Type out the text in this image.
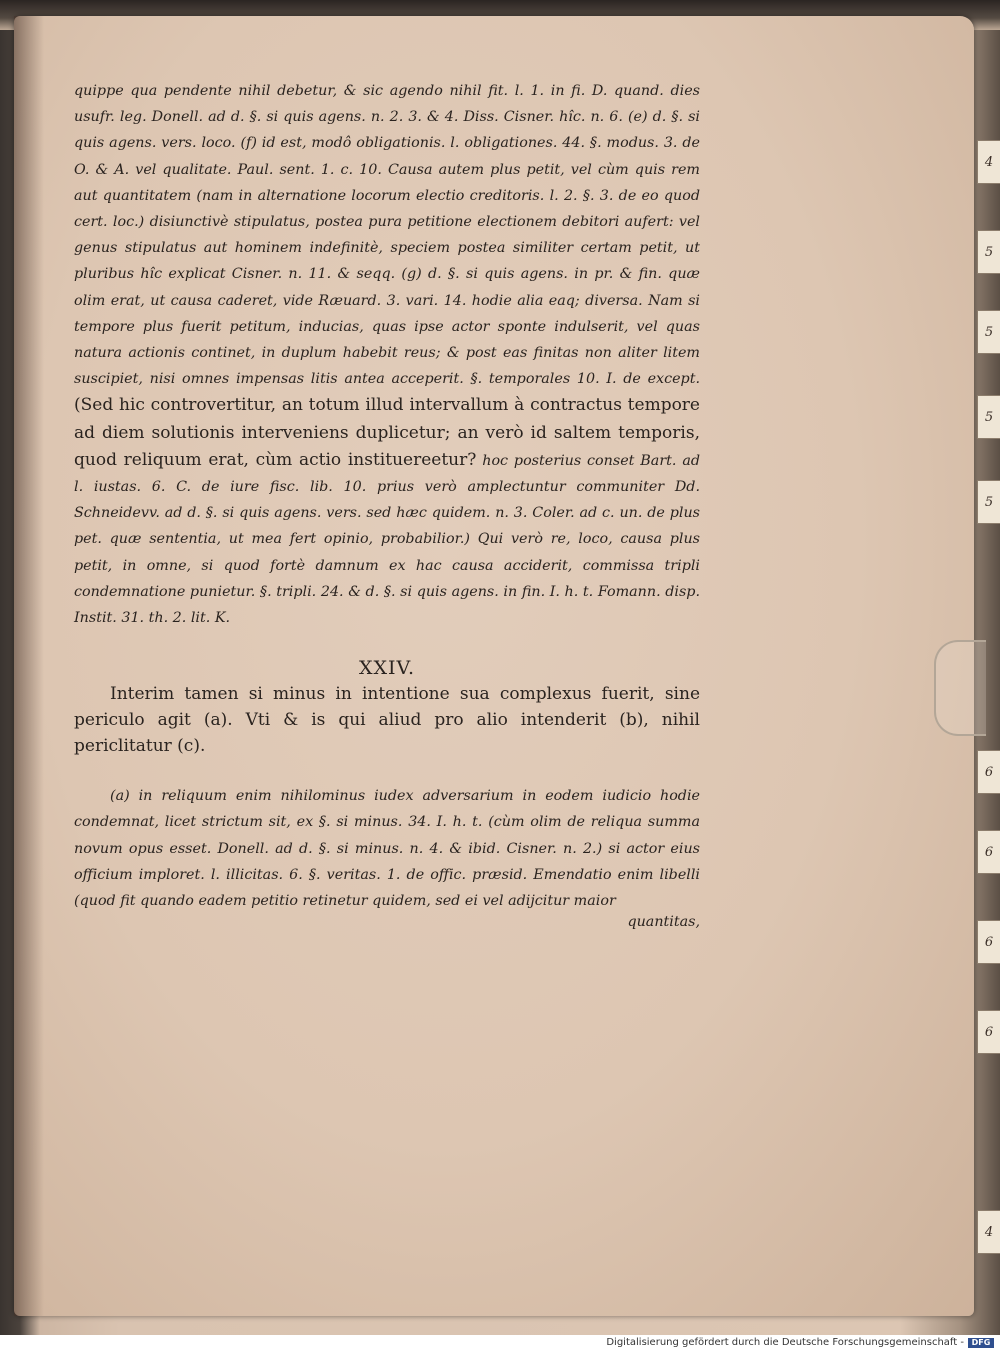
4
5
5
5
5
6
6
6
6
4

quippe qua pendente nihil debetur, & sic agendo nihil fit. l. 1. in fi. D. quand. dies usufr. leg. Donell. ad d. §. si quis agens. n. 2. 3. & 4. Diss. Cisner. hîc. n. 6. (e) d. §. si quis agens. vers. loco. (f) id est, modô obligationis. l. obligationes. 44. §. modus. 3. de O. & A. vel qualitate. Paul. sent. 1. c. 10. Causa autem plus petit, vel cùm quis rem aut quantitatem (nam in alternatione locorum electio creditoris. l. 2. §. 3. de eo quod cert. loc.) disiunctivè stipulatus, postea pura petitione electionem debitori aufert: vel genus stipulatus aut hominem indefinitè, speciem postea similiter certam petit, ut pluribus hîc explicat Cisner. n. 11. & seqq. (g) d. §. si quis agens. in pr. & fin. quæ olim erat, ut causa caderet, vide Ræuard. 3. vari. 14. hodie alia eaq; diversa. Nam si tempore plus fuerit petitum, inducias, quas ipse actor sponte indulserit, vel quas natura actionis continet, in duplum habebit reus; & post eas finitas non aliter litem suscipiet, nisi omnes impensas litis antea acceperit. §. temporales 10. I. de except. (Sed hic controvertitur, an totum illud intervallum à contractus tempore ad diem solutionis interveniens duplicetur; an verò id saltem temporis, quod reliquum erat, cùm actio instituereetur? hoc posterius conset Bart. ad l. iustas. 6. C. de iure fisc. lib. 10. prius verò amplectuntur communiter Dd. Schneidevv. ad d. §. si quis agens. vers. sed hæc quidem. n. 3. Coler. ad c. un. de plus pet. quæ sententia, ut mea fert opinio, probabilior.) Qui verò re, loco, causa plus petit, in omne, si quod fortè damnum ex hac causa acciderit, commissa tripli condemnatione punietur. §. tripli. 24. & d. §. si quis agens. in fin. I. h. t. Fomann. disp. Instit. 31. th. 2. lit. K.

XXIV.

Interim tamen si minus in intentione sua complexus fuerit, sine periculo agit (a). Vti & is qui aliud pro alio intenderit (b), nihil periclitatur (c).

(a) in reliquum enim nihilominus iudex adversarium in eodem iudicio hodie condemnat, licet strictum sit, ex §. si minus. 34. I. h. t. (cùm olim de reliqua summa novum opus esset. Donell. ad d. §. si minus. n. 4. & ibid. Cisner. n. 2.) si actor eius officium imploret. l. illicitas. 6. §. veritas. 1. de offic. præsid. Emendatio enim libelli (quod fit quando eadem petitio retinetur quidem, sed ei vel adijcitur maior

quantitas,

Digitalisierung gefördert durch die Deutsche Forschungsgemeinschaft - DFG
